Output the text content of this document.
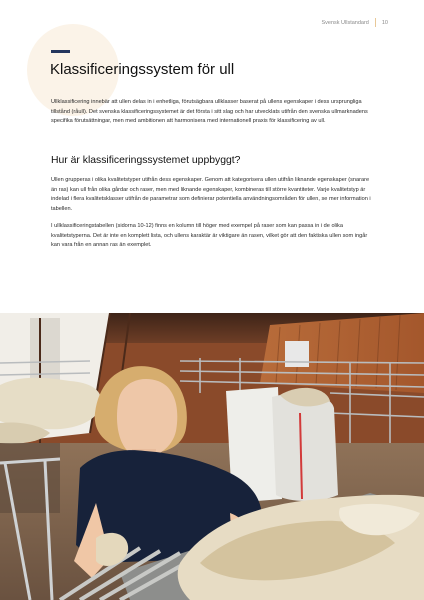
Svensk Ullstandard 10
Klassificeringssystem för ull

Ullklassificering innebär att ullen delas in i enhetliga, förutsägbara ullklasser baserat på ullens egenskaper i dess ursprungliga tillstånd (råull). Det svenska klassificeringssystemet är det första i sitt slag och har utvecklats utifrån den svenska ullmarknadens specifika förutsättningar, men med ambitionen att harmonisera med internationell praxis för klassificering av ull.

Hur är klassificeringssystemet uppbyggt?

Ullen grupperas i olika kvalitetstyper utifrån dess egenskaper. Genom att kategorisera ullen utifrån liknande egenskaper (snarare än ras) kan ull från olika gårdar och raser, men med liknande egenskaper, kombineras till större kvantiteter. Varje kvalitetstyp är indelad i flera kvalitetsklasser utifrån de parametrar som definierar potentiella användningsområden för ullen, se mer information i tabellen.

I ullklassificeringstabellen (sidorna 10-12) finns en kolumn till höger med exempel på raser som kan passa in i de olika kvalitetstyperna. Det är inte en komplett lista, och ullens karaktär är viktigare än rasen, vilket gör att den faktiska ullen som ingår kan vara från en annan ras än exemplet.
